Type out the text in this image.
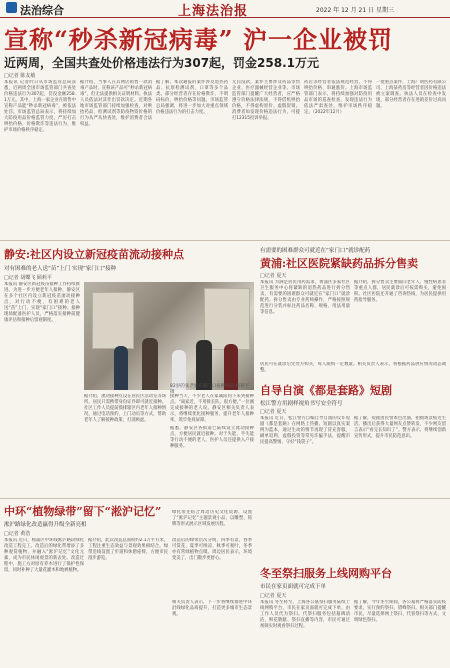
法治综合	上海法治报	2022 年 12 月 21 日 星期三
宣称“秒杀新冠病毒” 沪一企业被罚
近两周，全国共查处价格违法行为307起，罚金258.1万元
□记者 陈友敏
本报讯 记者昨日从市场监管总局获悉，近两周全国市场监管部门共查处价格违法行为307起，罚没金额258.1万元。其中，上海一家企业在销售中宣称产品能“秒杀新冠病毒”，被依法处罚。市场监管总局表示，将持续加大防疫用品价格监管力度，严厉打击哄抬价格、价格欺诈等违法行为，维护市场价格秩序稳定。
据介绍，当事人在其网店销售一款消毒产品时，宣称该产品可“秒杀新冠病毒”，但无法提供相关证明材料。执法人员依法对其作出罚款决定。近期各地市场监管部门持续加强检查，对哄抬药品、检测试剂等防疫物资价格的行为从严从快查处，维护消费者合法权益。
据了解，本次通报的案件涉及退热药品、抗原检测试剂、口罩等多个品类。部分经营者存在价格欺诈、不明码标价、哄抬价格等问题。市场监管总局强调，将进一步加大对重点领域价格违法行为的打击力度。
元罚没款，案件主要涉及药品零售企业、医疗器械经营企业等。市场监管部门提醒广大经营者，应严格遵守价格法律法规，不得借机哄抬价格，不得虚构原价、虚假促销。消费者如发现价格违法行为，可拨打12315投诉举报。
药店等经营者依法规范经营，不得哄抬价格、串通涨价。上海市场监管部门表示，将持续加强对防疫用品市场的巡查检查，发现违法行为依法严肃查处，维护市场秩序稳定。（2022年12月）
一批重点案件，上海广明医药有限公司、上海某药房等经营者因价格违法被立案调查。执法人员在检查中发现，部分经营者存在进销差价过高问题。
静安:社区内设立新冠疫苗流动接种点
对有困难的老人送“苗”上门 实现“家门口”接种
□记者 胡蝶飞 顾莉平
本报讯 静安区新冠疫苗接种工作持续推进。为进一步方便老年人接种，静安区在多个社区内设立新冠疫苗流动接种点，对行动不便、有困难的老人送“苗”上门，实现“家门口”接种。接种现场配备医护人员，严格落实接种前健康评估和接种后留观制度。
据介绍，流动接种点设在居民区活动室等场所，居民只需携带身份证件即可就近接种。社区工作人员提前摸排辖区内老年人接种情况，通过电话预约、上门动员等方式，帮助老年人了解接种政策，打消顾虑。
接种当天，不少老人在家属陪同下来到接种点。“离家近、不用排长队，很方便。”一位刚完成接种的老人说。静安区相关负责人表示，将继续优化接种服务，提升老年人接种率，筑牢免疫屏障。
据悉，静安区各街道已陆续设立流动接种点，方便居民就近接种。对于失能、半失能等行动不便的老人，医护人员还提供入户接种服务。
82岁的张老伯在家门口接种疫苗 顾莉平 摄
有需要的困难群众可就近在“家门口”就诊配药
黄浦:社区医院紧缺药品拆分售卖
□记者 夏天
本报讯 为满足居民用药需求，黄浦区多家社区卫生服务中心将紧缺的退热药品进行拆分售卖，有需要的困难群众可就近在“家门口”就诊配药。拆分售卖由专业药师操作，严格按照规范进行分装并标注药品名称、规格、用法用量等信息。
据介绍，拆分售卖主要面向老年人、慢性病患者等重点人群，居民就诊后可按需购买，避免囤积。社区医院还开通了咨询热线，为居民提供用药指导服务。
居民可在就诊后凭处方购买，每人限购一定数量。相关负责人表示，将根据药品供应情况动态调整。
自导自演《都是套路》短剧
松江警方用剧样视角书写安全符号
□记者 夏天
本报讯 近日，松江警方自编自导自演的反诈短剧《都是套路》在网络上热播。短剧以真实案例为蓝本，通过生动的情节再现了冒充客服、刷单返利、虚假投资等常见诈骗手法，提醒市民提高警惕，守好“钱袋子”。
据了解，短剧由民警本色出演，拍摄场景贴近生活。播出后获得大量网友点赞转发，不少网友留言表示“看完长知识了”。警方表示，将继续创新宣传形式，提升市民防范意识。
中环“植物绿带”留下“淞沪记忆”
淞沪路绿化改造赢得升级全新亮相
□记者 黄浩
本报讯 近日，杨浦区中环线淞沪路段绿化改造工程完工。改造后的绿化带增添了多种观赏植物，并融入“淞沪记忆”文化元素，成为市民休闲观景的新去处。改造过程中，施工方对原有乔木进行了保护性保留，同时补种了大量花灌木和地被植物。
据介绍，此次改造总面积约2.1万平方米，工程注重生态效益与景观效果相结合。绿带沿线设置了步道和休憩座椅，方便市民漫步游览。
改造后的绿带层次分明、四季有景，春季可赏花、夏季可纳凉、秋季可观叶，冬季亦有常绿植物点缀。周边居民表示，环境变美了，出门散步更舒心。
相关负责人表示，下一步将继续推进中环沿线绿化品质提升，打造更多城市生态景观。
绿化带还结合周边历史文化资源，设置了“淞沪记忆”主题景观小品，以雕塑、铭牌等形式展示区域发展历程。
冬至祭扫服务上线网购平台
市民在家页面就可完成下单
□记者 夏天
本报讯 冬至将至，上海各公墓祭扫服务陆续上线网购平台，市民在家页面就可完成下单，由工作人员代为祭扫。代祭扫服务包括墓碑清洁、鲜花敬献、祭扫直播等内容，市民可通过视频实时观看祭扫过程。
据了解，今年冬至期间，各公墓将严格落实防疫要求，实行预约祭扫、错峰祭扫。相关部门提醒市民，尽量选择网上祭扫、代客祭扫等方式，文明绿色祭扫。
